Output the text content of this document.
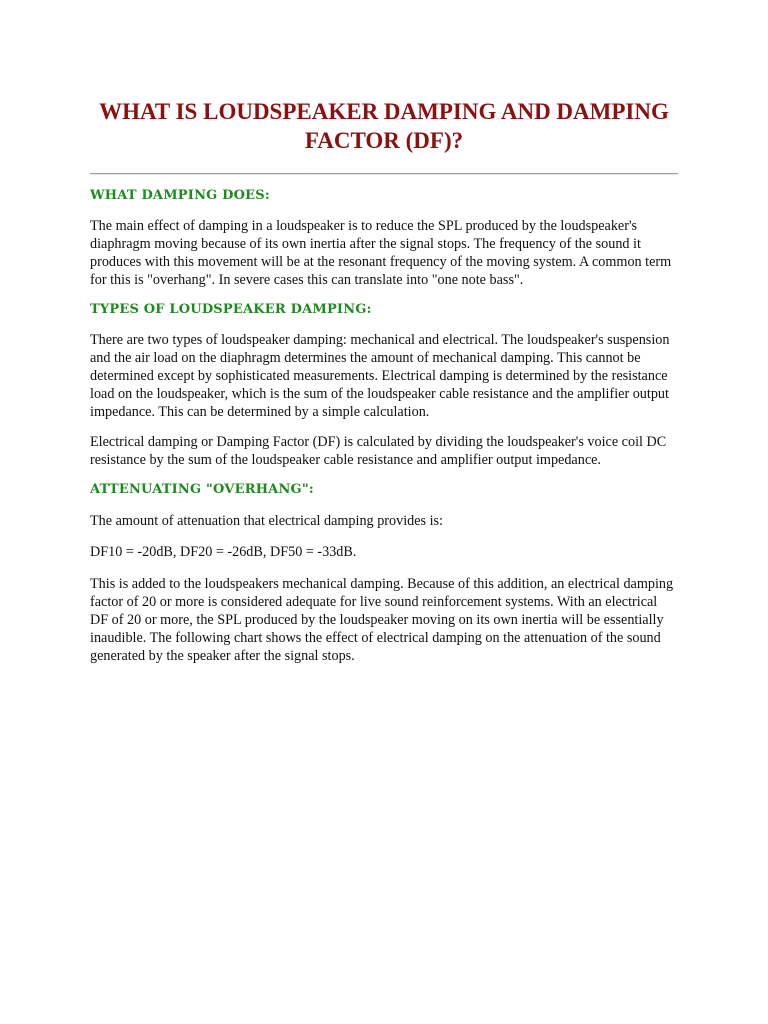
WHAT IS LOUDSPEAKER DAMPING AND DAMPING FACTOR (DF)?
WHAT DAMPING DOES:

The main effect of damping in a loudspeaker is to reduce the SPL produced by the loudspeaker's diaphragm moving because of its own inertia after the signal stops. The frequency of the sound it produces with this movement will be at the resonant frequency of the moving system. A common term for this is "overhang". In severe cases this can translate into "one note bass".

TYPES OF LOUDSPEAKER DAMPING:

There are two types of loudspeaker damping: mechanical and electrical. The loudspeaker's suspension and the air load on the diaphragm determines the amount of mechanical damping. This cannot be determined except by sophisticated measurements. Electrical damping is determined by the resistance load on the loudspeaker, which is the sum of the loudspeaker cable resistance and the amplifier output impedance. This can be determined by a simple calculation.

Electrical damping or Damping Factor (DF) is calculated by dividing the loudspeaker's voice coil DC resistance by the sum of the loudspeaker cable resistance and amplifier output impedance.

ATTENUATING "OVERHANG":

The amount of attenuation that electrical damping provides is:

DF10 = -20dB, DF20 = -26dB, DF50 = -33dB.

This is added to the loudspeakers mechanical damping. Because of this addition, an electrical damping factor of 20 or more is considered adequate for live sound reinforcement systems. With an electrical DF of 20 or more, the SPL produced by the loudspeaker moving on its own inertia will be essentially inaudible. The following chart shows the effect of electrical damping on the attenuation of the sound generated by the speaker after the signal stops.
